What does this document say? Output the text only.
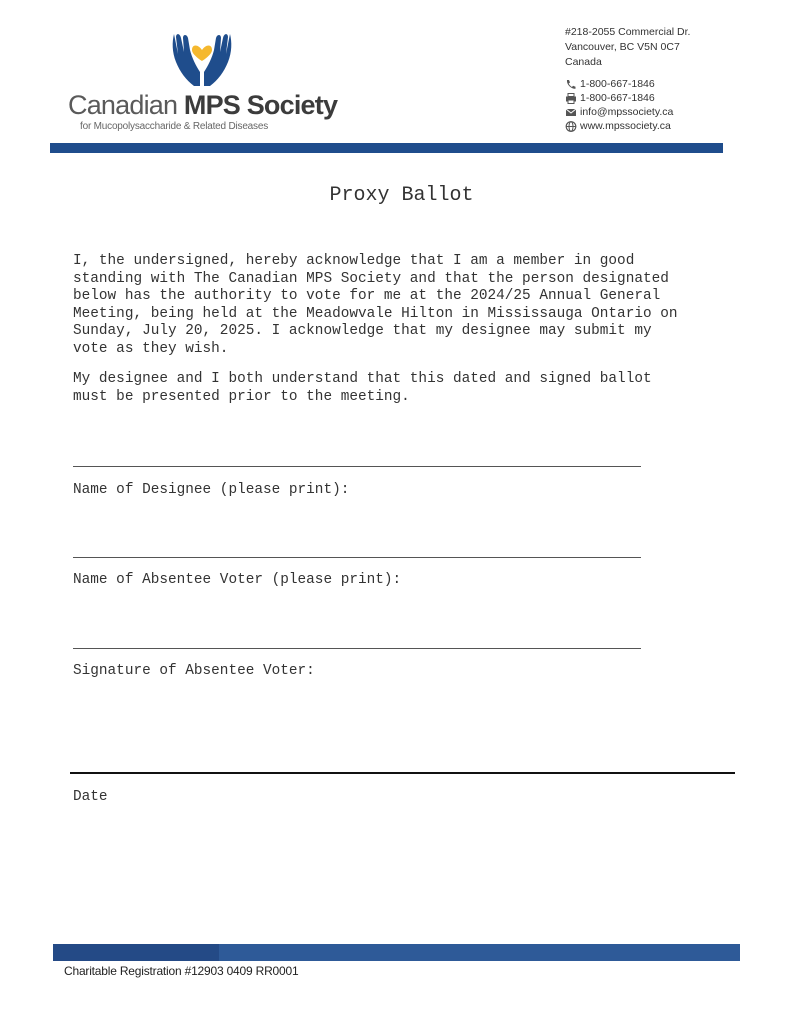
Canadian MPS Society
for Mucopolysaccharide & Related Diseases
#218-2055 Commercial Dr.
Vancouver, BC V5N 0C7
Canada
1-800-667-1846
1-800-667-1846
info@mpssociety.ca
www.mpssociety.ca
Proxy Ballot
I, the undersigned, hereby acknowledge that I am a member in good
standing with The Canadian MPS Society and that the person designated
below has the authority to vote for me at the 2024/25 Annual General
Meeting, being held at the Meadowvale Hilton in Mississauga Ontario on
Sunday, July 20, 2025. I acknowledge that my designee may submit my
vote as they wish.
My designee and I both understand that this dated and signed ballot
must be presented prior to the meeting.
Name of Designee (please print):
Name of Absentee Voter (please print):
Signature of Absentee Voter:
Date
Charitable Registration #12903 0409 RR0001
